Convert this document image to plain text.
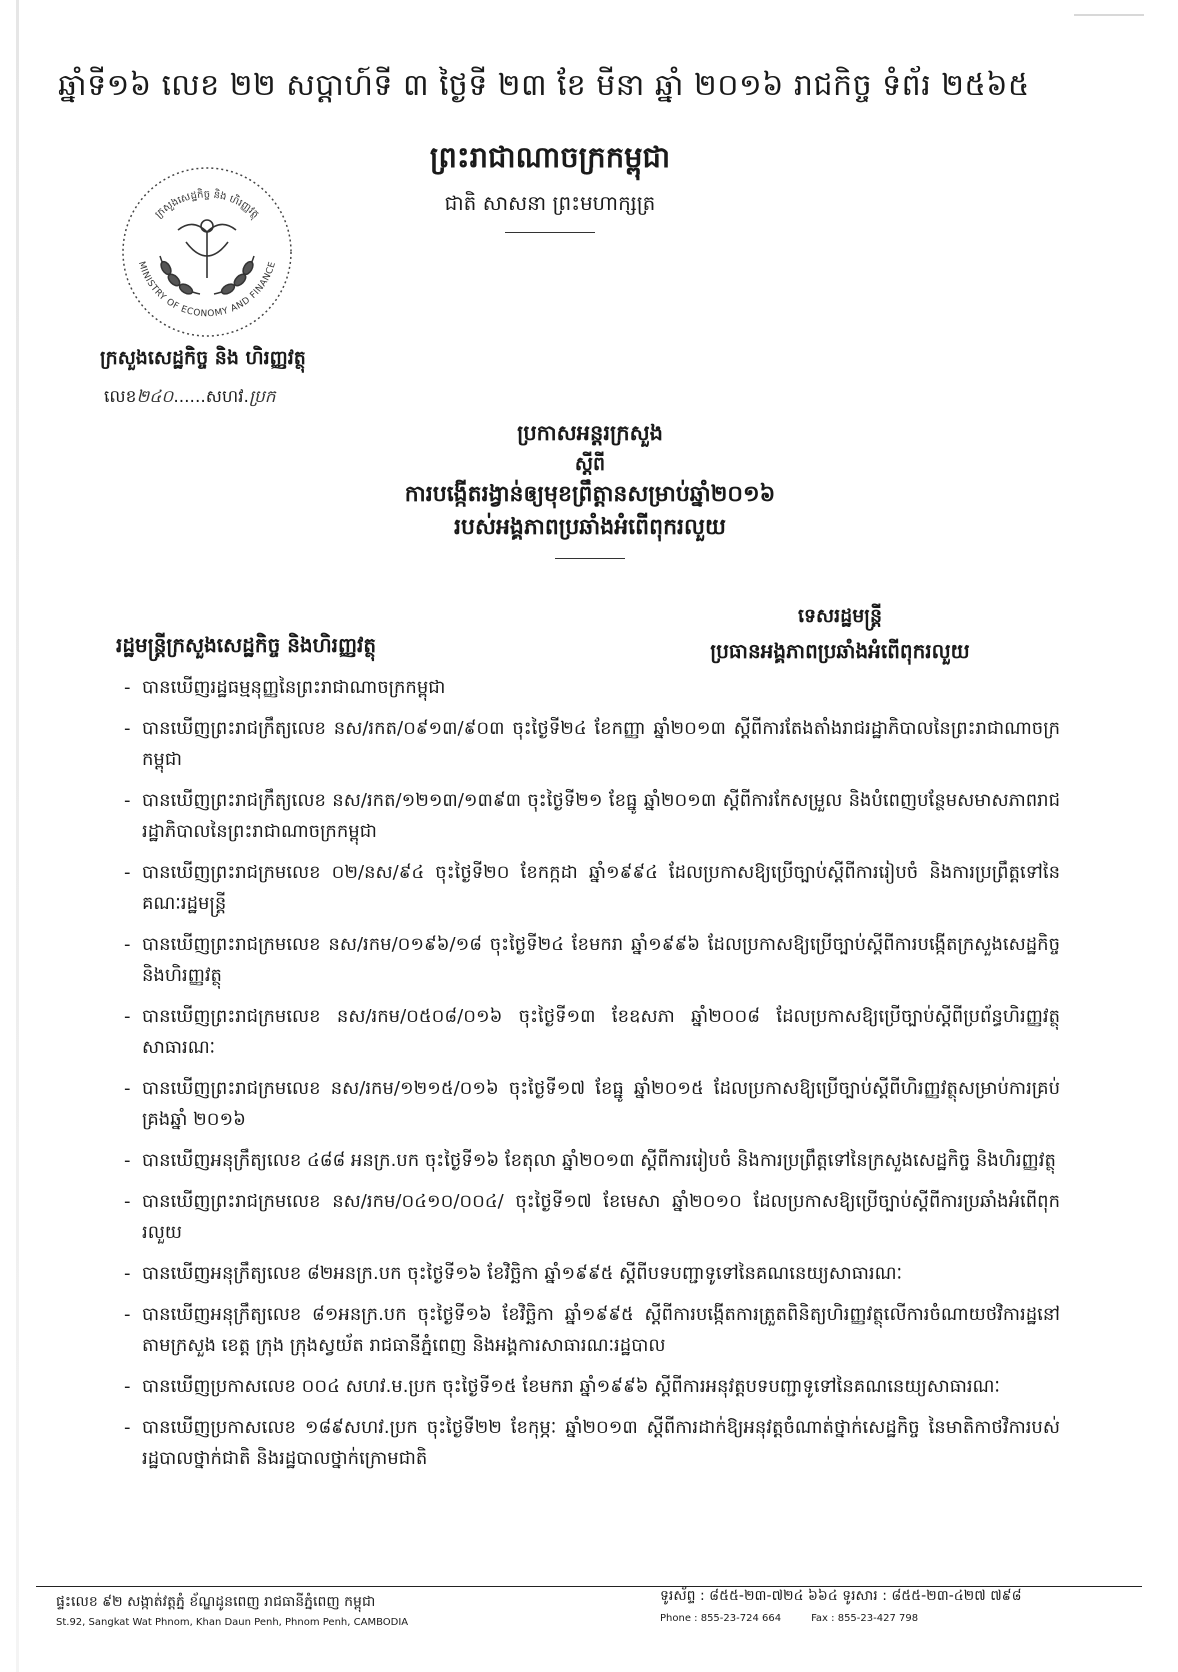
ឆ្នាំទី១៦ លេខ ២២ សប្តាហ៍ទី ៣ ថ្ងៃទី ២៣ ខែ មីនា ឆ្នាំ ២០១៦ រាជកិច្ច ទំព័រ ២៥៦៥
ព្រះរាជាណាចក្រកម្ពុជា
ជាតិ សាសនា ព្រះមហាក្សត្រ
ក្រសួងសេដ្ឋកិច្ច និង ហិរញ្ញវត្ថុ
MINISTRY OF ECONOMY AND FINANCE
ក្រសួងសេដ្ឋកិច្ច និង ហិរញ្ញវត្ថុ
លេខ២៤០......សហវ.ប្រក
ប្រកាសអន្តរក្រសួង
ស្តីពី
ការបង្កើតរង្វាន់ឲ្យមុខព្រឹត្តានសម្រាប់ឆ្នាំ២០១៦
របស់អង្គភាពប្រឆាំងអំពើពុករលួយ
រដ្ឋមន្ត្រីក្រសួងសេដ្ឋកិច្ច និងហិរញ្ញវត្ថុ
ទេសរដ្ឋមន្ត្រី
ប្រធានអង្គភាពប្រឆាំងអំពើពុករលួយ
- បានឃើញរដ្ឋធម្មនុញ្ញនៃព្រះរាជាណាចក្រកម្ពុជា
- បានឃើញព្រះរាជក្រឹត្យលេខ នស/រកត/០៩១៣/៩០៣ ចុះថ្ងៃទី២៤ ខែកញ្ញា ឆ្នាំ២០១៣ ស្តីពីការតែងតាំងរាជរដ្ឋាភិបាលនៃព្រះរាជាណាចក្រកម្ពុជា
- បានឃើញព្រះរាជក្រឹត្យលេខ នស/រកត/១២១៣/១៣៩៣ ចុះថ្ងៃទី២១ ខែធ្នូ ឆ្នាំ២០១៣ ស្តីពីការកែសម្រួល និងបំពេញបន្ថែមសមាសភាពរាជរដ្ឋាភិបាលនៃព្រះរាជាណាចក្រកម្ពុជា
- បានឃើញព្រះរាជក្រមលេខ ០២/នស/៩៤ ចុះថ្ងៃទី២០ ខែកក្កដា ឆ្នាំ១៩៩៤ ដែលប្រកាសឱ្យប្រើច្បាប់ស្តីពីការរៀបចំ និងការប្រព្រឹត្តទៅនៃគណៈរដ្ឋមន្ត្រី
- បានឃើញព្រះរាជក្រមលេខ នស/រកម/០១៩៦/១៨ ចុះថ្ងៃទី២៤ ខែមករា ឆ្នាំ១៩៩៦ ដែលប្រកាសឱ្យប្រើច្បាប់ស្តីពីការបង្កើតក្រសួងសេដ្ឋកិច្ច និងហិរញ្ញវត្ថុ
- បានឃើញព្រះរាជក្រមលេខ នស/រកម/០៥០៨/០១៦ ចុះថ្ងៃទី១៣ ខែឧសភា ឆ្នាំ២០០៨ ដែលប្រកាសឱ្យប្រើច្បាប់ស្តីពីប្រព័ន្ធហិរញ្ញវត្ថុសាធារណៈ
- បានឃើញព្រះរាជក្រមលេខ នស/រកម/១២១៥/០១៦ ចុះថ្ងៃទី១៧ ខែធ្នូ ឆ្នាំ២០១៥ ដែលប្រកាសឱ្យប្រើច្បាប់ស្តីពីហិរញ្ញវត្ថុសម្រាប់ការគ្រប់គ្រងឆ្នាំ ២០១៦
- បានឃើញអនុក្រឹត្យលេខ ៤៨៨ អនក្រ.បក ចុះថ្ងៃទី១៦ ខែតុលា ឆ្នាំ២០១៣ ស្តីពីការរៀបចំ និងការប្រព្រឹត្តទៅនៃក្រសួងសេដ្ឋកិច្ច និងហិរញ្ញវត្ថុ
- បានឃើញព្រះរាជក្រមលេខ នស/រកម/០៤១០/០០៤/ ចុះថ្ងៃទី១៧ ខែមេសា ឆ្នាំ២០១០ ដែលប្រកាសឱ្យប្រើច្បាប់ស្តីពីការប្រឆាំងអំពើពុករលួយ
- បានឃើញអនុក្រឹត្យលេខ ៨២អនក្រ.បក ចុះថ្ងៃទី១៦ ខែវិច្ឆិកា ឆ្នាំ១៩៩៥ ស្តីពីបទបញ្ជាទូទៅនៃគណនេយ្យសាធារណៈ
- បានឃើញអនុក្រឹត្យលេខ ៨១អនក្រ.បក ចុះថ្ងៃទី១៦ ខែវិច្ឆិកា ឆ្នាំ១៩៩៥ ស្តីពីការបង្កើតការត្រួតពិនិត្យហិរញ្ញវត្ថុលើការចំណាយថវិការដ្ឋនៅតាមក្រសួង ខេត្ត ក្រុង ក្រុងស្វយ័ត រាជធានីភ្នំពេញ និងអង្គការសាធារណៈរដ្ឋបាល
- បានឃើញប្រកាសលេខ ០០៤ សហវ.ម.ប្រក ចុះថ្ងៃទី១៥ ខែមករា ឆ្នាំ១៩៩៦ ស្តីពីការអនុវត្តបទបញ្ជាទូទៅនៃគណនេយ្យសាធារណៈ
- បានឃើញប្រកាសលេខ ១៨៩សហវ.ប្រក ចុះថ្ងៃទី២២ ខែកុម្ភៈ ឆ្នាំ២០១៣ ស្តីពីការដាក់ឱ្យអនុវត្តចំណាត់ថ្នាក់សេដ្ឋកិច្ច នៃមាតិកាថវិការបស់រដ្ឋបាលថ្នាក់ជាតិ និងរដ្ឋបាលថ្នាក់ក្រោមជាតិ
ផ្ទះលេខ ៩២ សង្កាត់វត្តភ្នំ ខ័ណ្ឌដូនពេញ រាជធានីភ្នំពេញ កម្ពុជា
St.92, Sangkat Wat Phnom, Khan Daun Penh, Phnom Penh, CAMBODIA
ទូរស័ព្ទ : ៨៥៥-២៣-៧២៤ ៦៦៤ ទូរសារ : ៨៥៥-២៣-៤២៧ ៧៩៨
Phone : 855-23-724 664	Fax : 855-23-427 798
